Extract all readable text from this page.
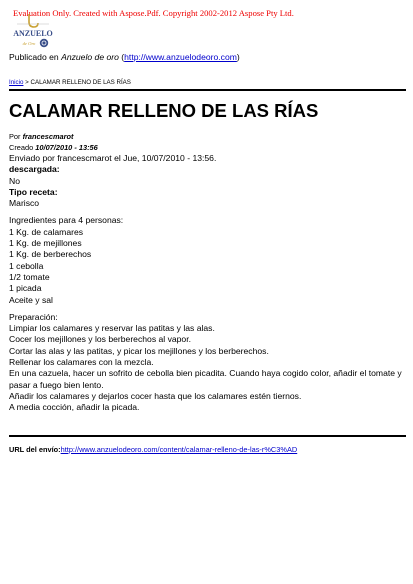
Evaluation Only. Created with Aspose.Pdf. Copyright 2002-2012 Aspose Pty Ltd.
ANZUELO
de Oro
Publicado en Anzuelo de oro (http://www.anzuelodeoro.com)
Inicio > CALAMAR RELLENO DE LAS RÍAS
CALAMAR RELLENO DE LAS RÍAS
Por francescmarot
Creado 10/07/2010 - 13:56
Enviado por francescmarot el Jue, 10/07/2010 - 13:56.
descargada:
No
Tipo receta:
Marisco
Ingredientes para 4 personas:
1 Kg. de calamares
1 Kg. de mejillones
1 Kg. de berberechos
1 cebolla
1/2 tomate
1 picada
Aceite y sal
Preparación:
Limpiar los calamares y reservar las patitas y las alas.
Cocer los mejillones y los berberechos al vapor.
Cortar las alas y las patitas, y picar los mejillones y los berberechos.
Rellenar los calamares con la mezcla.
En una cazuela, hacer un sofrito de cebolla bien picadita. Cuando haya cogido color, añadir el tomate y
pasar a fuego bien lento.
Añadir los calamares y dejarlos cocer hasta que los calamares estén tiernos.
A media cocción, añadir la picada.
URL del envío:http://www.anzuelodeoro.com/content/calamar-relleno-de-las-r%C3%AD
